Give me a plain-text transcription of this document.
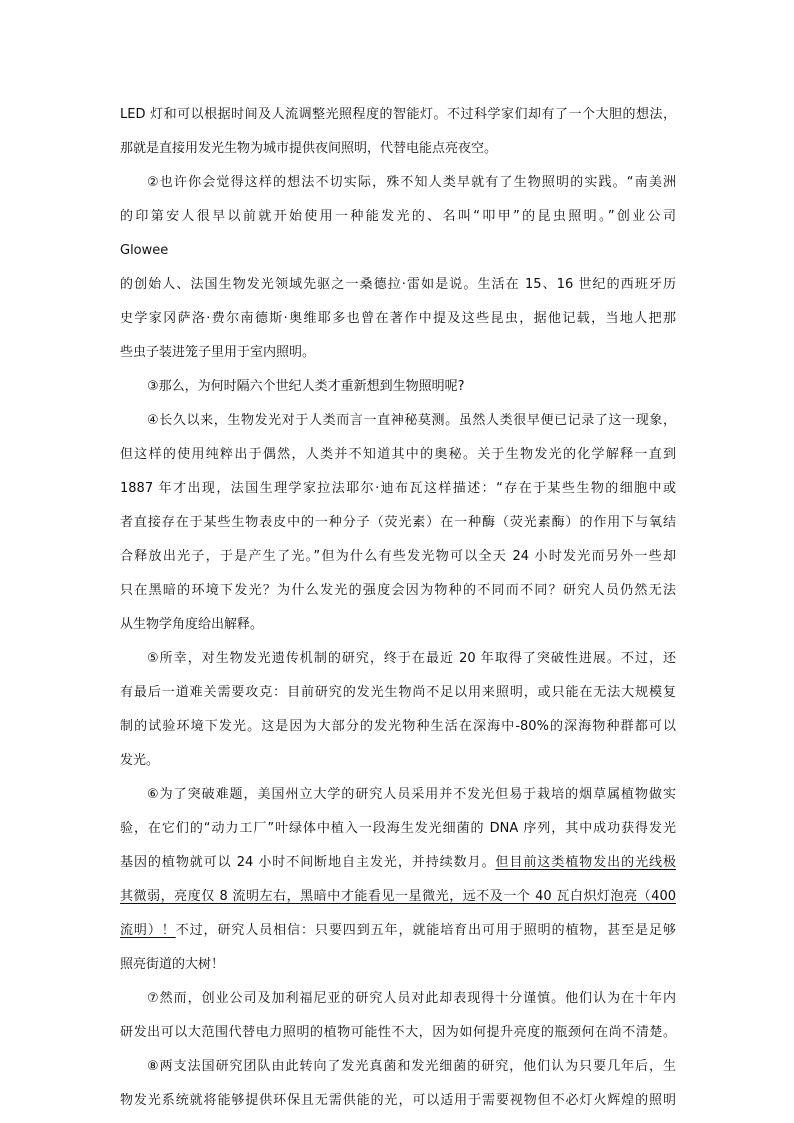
LED 灯和可以根据时间及人流调整光照程度的智能灯。不过科学家们却有了一个大胆的想法，
那就是直接用发光生物为城市提供夜间照明，代替电能点亮夜空。
②也许你会觉得这样的想法不切实际，殊不知人类早就有了生物照明的实践。“南美洲
的印第安人很早以前就开始使用一种能发光的、名叫“叩甲”的昆虫照明。”创业公司
Glowee
的创始人、法国生物发光领域先驱之一桑德拉·雷如是说。生活在 15、16 世纪的西班牙历
史学家冈萨洛·费尔南德斯·奥维耶多也曾在著作中提及这些昆虫，据他记载，当地人把那
些虫子装进笼子里用于室内照明。
③那么，为何时隔六个世纪人类才重新想到生物照明呢?
④长久以来，生物发光对于人类而言一直神秘莫测。虽然人类很早便已记录了这一现象，
但这样的使用纯粹出于偶然，人类并不知道其中的奥秘。关于生物发光的化学解释一直到
1887 年才出现，法国生理学家拉法耶尔·迪布瓦这样描述：“存在于某些生物的细胞中或
者直接存在于某些生物表皮中的一种分子（荧光素）在一种酶（荧光素酶）的作用下与氧结
合释放出光子，于是产生了光。”但为什么有些发光物可以全天 24 小时发光而另外一些却
只在黑暗的环境下发光？为什么发光的强度会因为物种的不同而不同？研究人员仍然无法
从生物学角度给出解释。
⑤所幸，对生物发光遗传机制的研究，终于在最近 20 年取得了突破性进展。不过，还
有最后一道难关需要攻克：目前研究的发光生物尚不足以用来照明，或只能在无法大规模复
制的试验环境下发光。这是因为大部分的发光物种生活在深海中-80%的深海物种群都可以
发光。
⑥为了突破难题，美国州立大学的研究人员采用并不发光但易于栽培的烟草属植物做实
验，在它们的“动力工厂”叶绿体中植入一段海生发光细菌的 DNA 序列，其中成功获得发光
基因的植物就可以 24 小时不间断地自主发光，并持续数月。但目前这类植物发出的光线极
其微弱，亮度仅 8 流明左右，黑暗中才能看见一星微光，远不及一个 40 瓦白炽灯泡亮（400
流明）！不过，研究人员相信：只要四到五年，就能培育出可用于照明的植物，甚至是足够
照亮街道的大树！
⑦然而，创业公司及加利福尼亚的研究人员对此却表现得十分谨慎。他们认为在十年内
研发出可以大范围代替电力照明的植物可能性不大，因为如何提升亮度的瓶颈何在尚不清楚。
⑧两支法国研究团队由此转向了发光真菌和发光细菌的研究，他们认为只要几年后，生
物发光系统就将能够提供环保且无需供能的光，可以适用于需要视物但不必灯火辉煌的照明
